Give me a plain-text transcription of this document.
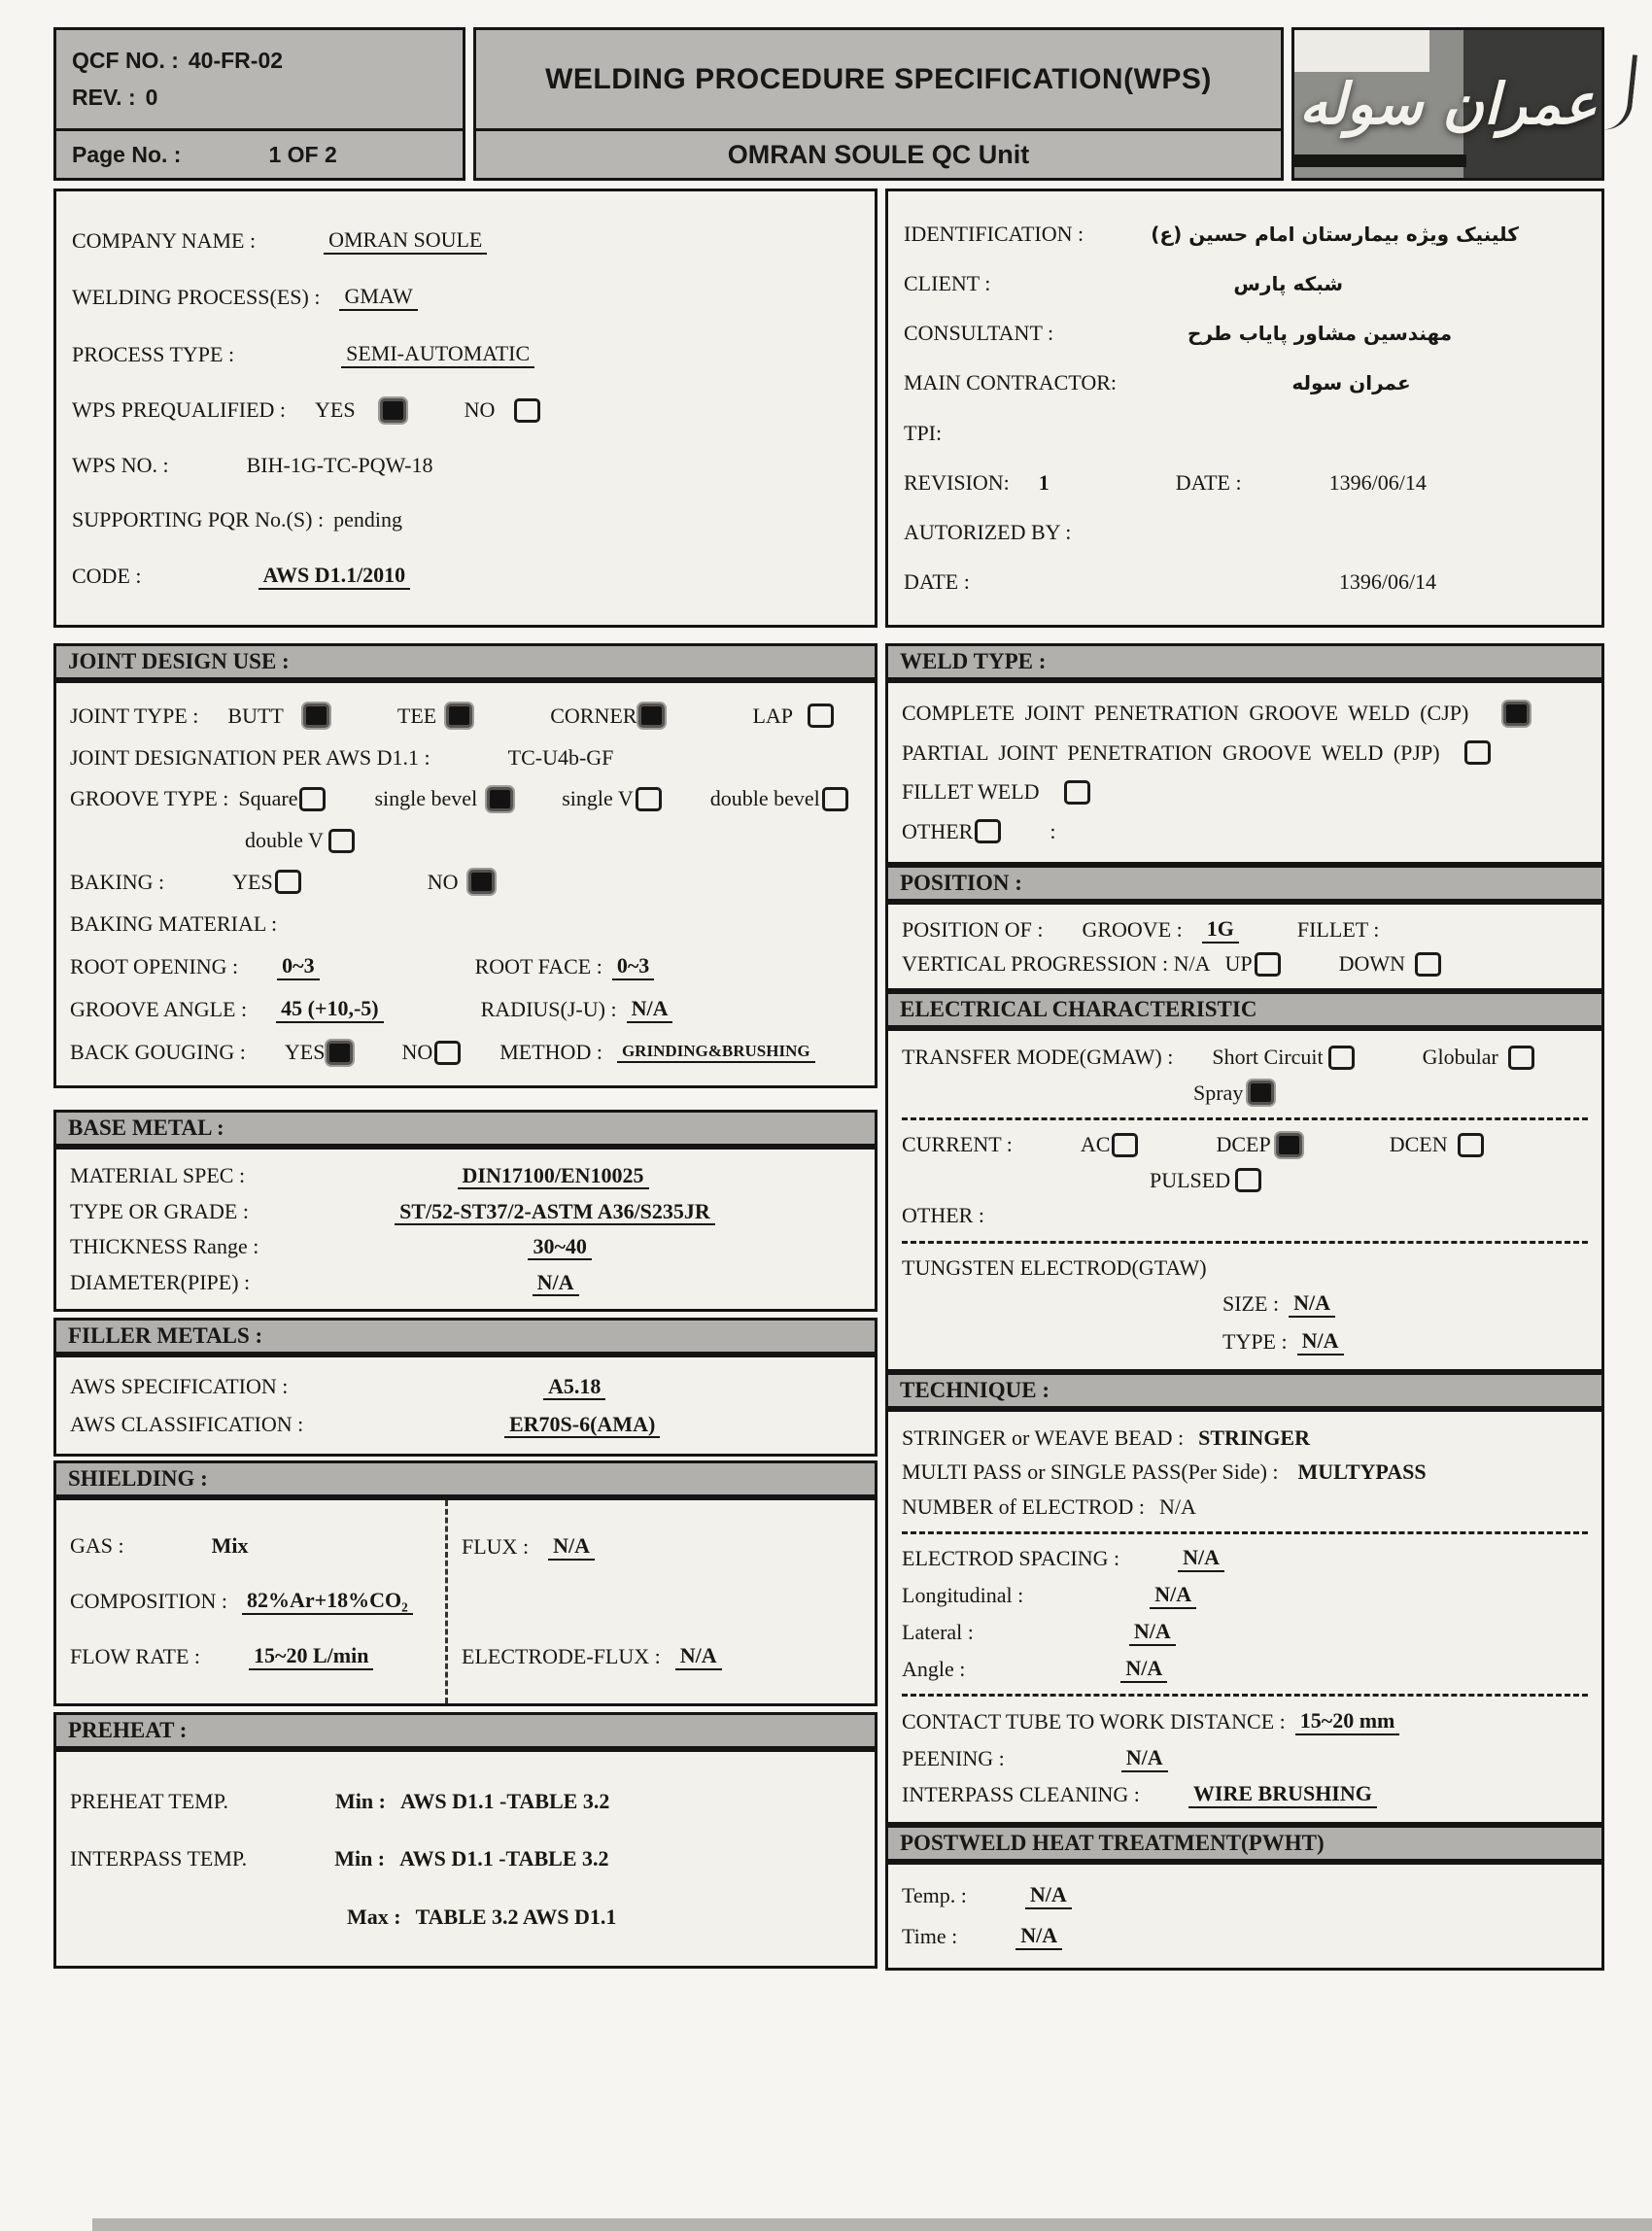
QCF NO. : 40-FR-02
REV. : 0
Page No. :	1 OF 2
WELDING PROCEDURE SPECIFICATION(WPS)
OMRAN SOULE QC Unit
عمران سوله
COMPANY NAME :	OMRAN SOULE
WELDING PROCESS(ES) : GMAW
PROCESS TYPE :	SEMI-AUTOMATIC
WPS PREQUALIFIED : YES	NO
WPS NO. :	BIH-1G-TC-PQW-18
SUPPORTING PQR No.(S) : pending
CODE :	AWS D1.1/2010
IDENTIFICATION :	کلینیک ویژه بیمارستان امام حسین (ع)
CLIENT :	شبکه پارس
CONSULTANT :	مهندسین مشاور پایاب طرح
MAIN CONTRACTOR:	عمران سوله
TPI:
REVISION: 1	DATE :	1396/06/14
AUTORIZED BY :
DATE :	1396/06/14
JOINT DESIGN USE :
JOINT TYPE : BUTT	TEE	CORNER	LAP
JOINT DESIGNATION PER AWS D1.1 :	TC-U4b-GF
GROOVE TYPE : Square	single bevel	single V	double bevel
double V
BAKING :	YES	NO
BAKING MATERIAL :
ROOT OPENING : 0~3	ROOT FACE : 0~3
GROOVE ANGLE : 45 (+10,-5)	RADIUS(J-U) : N/A
BACK GOUGING : YES	NO	METHOD : GRINDING&BRUSHING
BASE METAL :
MATERIAL SPEC :	DIN17100/EN10025
TYPE OR GRADE :	ST/52-ST37/2-ASTM A36/S235JR
THICKNESS Range :	30~40
DIAMETER(PIPE) :	N/A
FILLER METALS :
AWS SPECIFICATION :	A5.18
AWS CLASSIFICATION :	ER70S-6(AMA)
SHIELDING :
GAS :	Mix
COMPOSITION : 82%Ar+18%CO₂
FLOW RATE :	15~20 L/min
FLUX : N/A

ELECTRODE-FLUX : N/A
PREHEAT :
PREHEAT TEMP.	Min : AWS D1.1 -TABLE 3.2
INTERPASS TEMP.	Min : AWS D1.1 -TABLE 3.2
Max : TABLE 3.2 AWS D1.1
WELD TYPE :
COMPLETE JOINT PENETRATION GROOVE WELD (CJP)
PARTIAL JOINT PENETRATION GROOVE WELD (PJP)
FILLET WELD
OTHER	:
POSITION :
POSITION OF : GROOVE : 1G	FILLET :
VERTICAL PROGRESSION : N/A UP	DOWN
ELECTRICAL CHARACTERISTIC
TRANSFER MODE(GMAW) : Short Circuit	Globular
Spray
CURRENT :	AC	DCEP	DCEN
PULSED
OTHER :
TUNGSTEN ELECTROD(GTAW)
SIZE : N/A
TYPE : N/A
TECHNIQUE :
STRINGER or WEAVE BEAD : STRINGER
MULTI PASS or SINGLE PASS(Per Side) : MULTYPASS
NUMBER of ELECTROD : N/A
ELECTROD SPACING :	N/A
Longitudinal :	N/A
Lateral :	N/A
Angle :	N/A
CONTACT TUBE TO WORK DISTANCE : 15~20 mm
PEENING :	N/A
INTERPASS CLEANING :	WIRE BRUSHING
POSTWELD HEAT TREATMENT(PWHT)
Temp. :	N/A
Time :	N/A
